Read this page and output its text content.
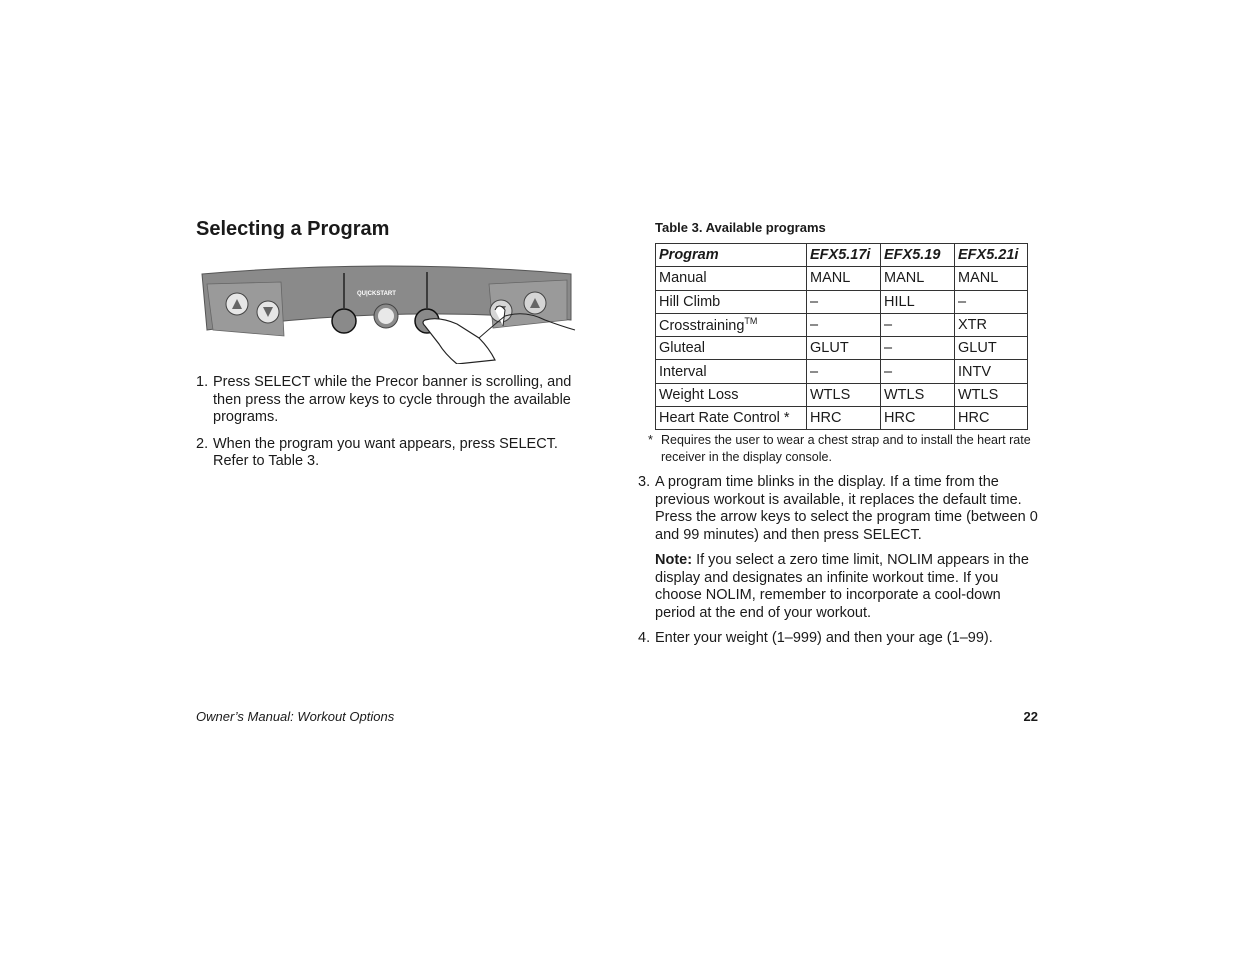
Selecting a Program
QU|CKSTART
RESET	SELECT
1. Press SELECT while the Precor banner is scrolling, and then press the arrow keys to cycle through the available programs.
2. When the program you want appears, press SELECT. Refer to Table 3.
Table 3. Available programs
Program	EFX5.17i	EFX5.19	EFX5.21i
Manual	MANL	MANL	MANL
Hill Climb	–	HILL	–
Crosstraining™	–	–	XTR
Gluteal	GLUT	–	GLUT
Interval	–	–	INTV
Weight Loss	WTLS	WTLS	WTLS
Heart Rate Control *	HRC	HRC	HRC
* Requires the user to wear a chest strap and to install the heart rate receiver in the display console.
3. A program time blinks in the display. If a time from the previous workout is available, it replaces the default time. Press the arrow keys to select the program time (between 0 and 99 minutes) and then press SELECT.
Note: If you select a zero time limit, NOLIM appears in the display and designates an infinite workout time. If you choose NOLIM, remember to incorporate a cool-down period at the end of your workout.
4. Enter your weight (1–999) and then your age (1–99).
Owner’s Manual: Workout Options	22
